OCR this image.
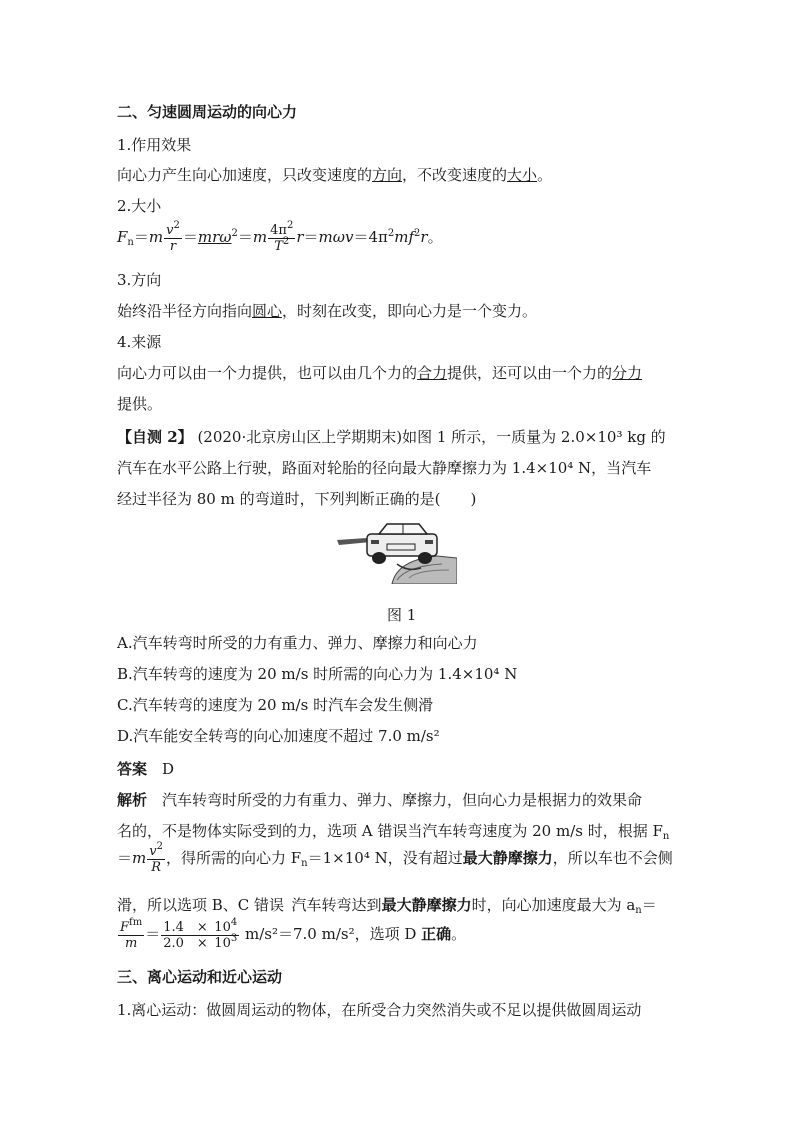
二、匀速圆周运动的向心力
1.作用效果
向心力产生向心加速度，只改变速度的方向，不改变速度的大小。
2.大小
$F_n=m \frac{v^2}{r} =mr\omega^2=m \frac{4\pi^2}{T^2} r=m\omega v=4\pi^2mf^2r$。
3.方向
始终沿半径方向指向圆心，时刻在改变，即向心力是一个变力。
4.来源
向心力可以由一个力提供，也可以由几个力的合力提供，还可以由一个力的分力
提供。
【自测 2】 (2020·北京房山区上学期期末)如图 1 所示，一质量为 2.0×10³ kg 的
汽车在水平公路上行驶，路面对轮胎的径向最大静摩擦力为 1.4×10⁴ N，当汽车
经过半径为 80 m 的弯道时，下列判断正确的是(　　)
图 1
A.汽车转弯时所受的力有重力、弹力、摩擦力和向心力
B.汽车转弯的速度为 20 m/s 时所需的向心力为 1.4×10⁴ N
C.汽车转弯的速度为 20 m/s 时汽车会发生侧滑
D.汽车能安全转弯的向心加速度不超过 7.0 m/s²
答案　 D
解析　 汽车转弯时所受的力有重力、弹力、摩擦力，但向心力是根据力的效果命
名的，不是物体实际受到的力，选项 A 错误当汽车转弯速度为 20 m/s 时，根据 $F_n$
$=m \frac{v^2}{R}$ ，得所需的向心力 $F_n=1\times 10^4$ N，没有超过最大静摩擦力，所以车也不会侧
滑，所以选项 B、C 错误  汽车转弯达到最大静摩擦力时，向心加速度最大为 $a_n=$
$\frac{F^{fm}}{m} = \frac{1.4 \times 10^4}{2.0 \times 10^3} m/s^2=7.0$ m/s²，选项 D 正确。
三、离心运动和近心运动
1.离心运动：做圆周运动的物体，在所受合力突然消失或不足以提供做圆周运动
